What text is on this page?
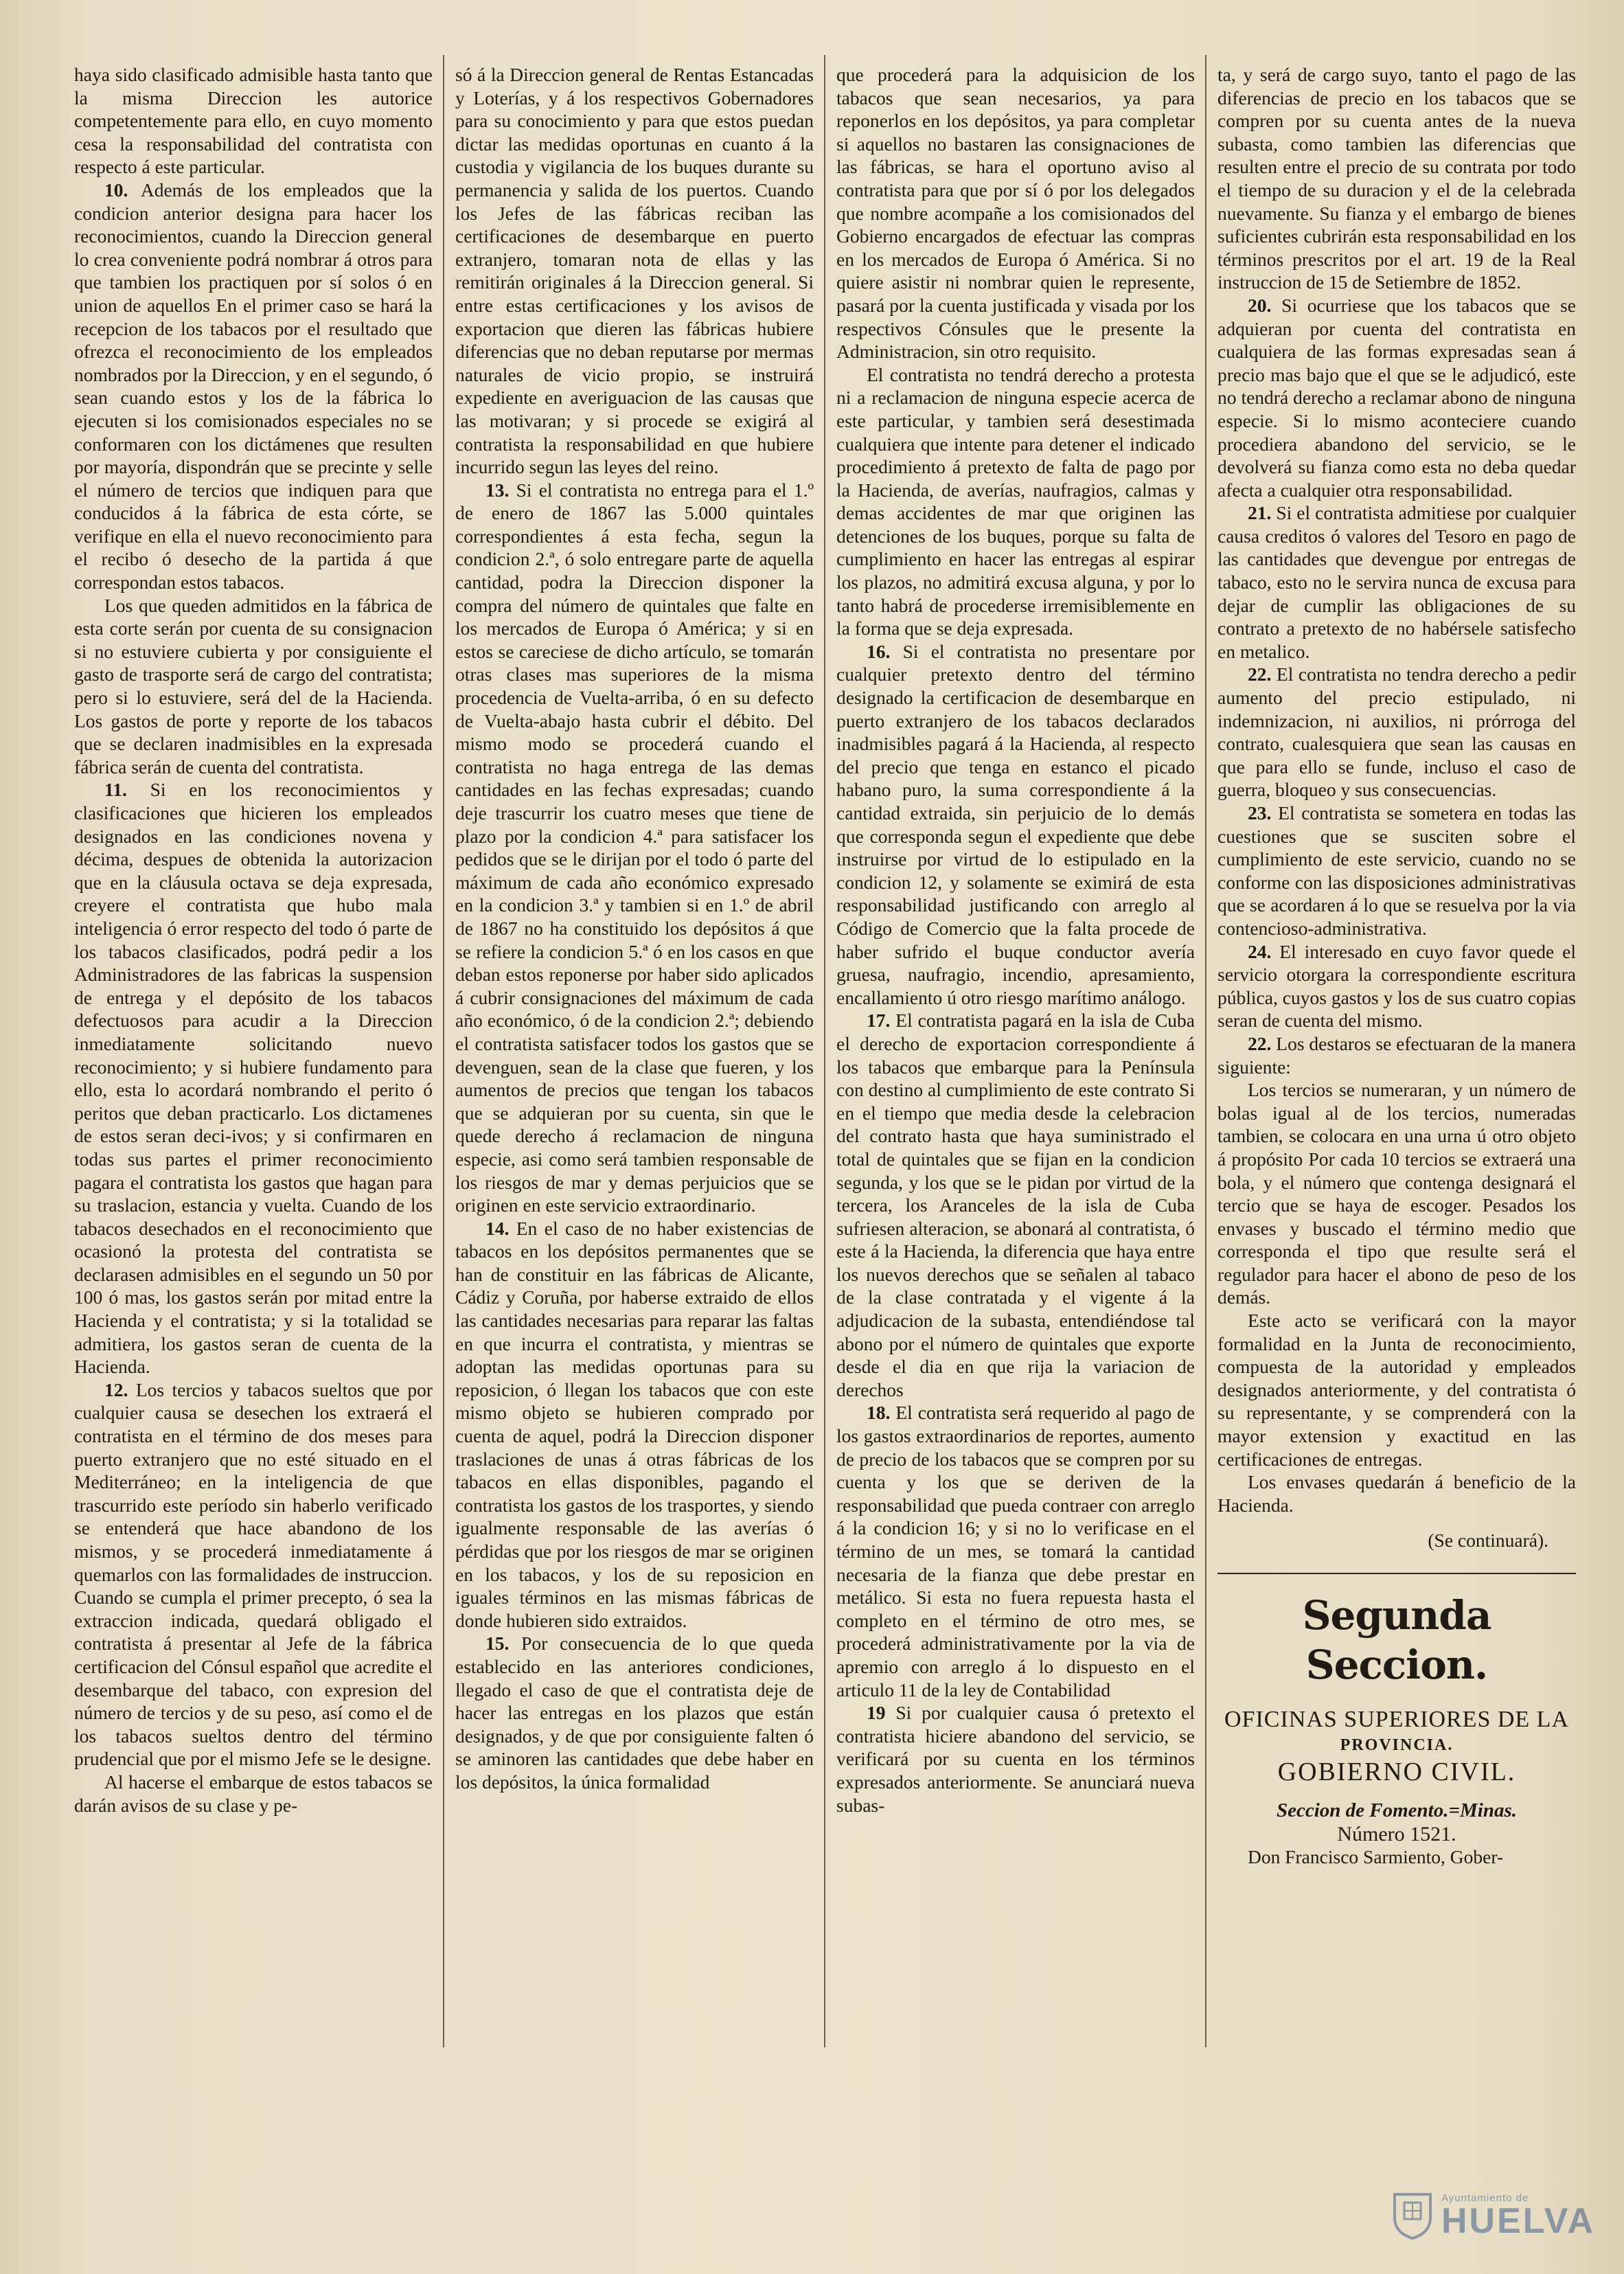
haya sido clasificado admisible hasta tanto que la misma Direccion les autorice competentemente para ello, en cuyo momento cesa la responsabilidad del contratista con respecto á este particular.

10. Además de los empleados que la condicion anterior designa para hacer los reconocimientos, cuando la Direccion general lo crea conveniente podrá nombrar á otros para que tambien los practiquen por sí solos ó en union de aquellos En el primer caso se hará la recepcion de los tabacos por el resultado que ofrezca el reconocimiento de los empleados nombrados por la Direccion, y en el segundo, ó sean cuando estos y los de la fábrica lo ejecuten si los comisionados especiales no se conformaren con los dictámenes que resulten por mayoría, dispondrán que se precinte y selle el número de tercios que indiquen para que conducidos á la fábrica de esta córte, se verifique en ella el nuevo reconocimiento para el recibo ó desecho de la partida á que correspondan estos tabacos.

Los que queden admitidos en la fábrica de esta corte serán por cuenta de su consignacion si no estuviere cubierta y por consiguiente el gasto de trasporte será de cargo del contratista; pero si lo estuviere, será del de la Hacienda. Los gastos de porte y reporte de los tabacos que se declaren inadmisibles en la expresada fábrica serán de cuenta del contratista.

11. Si en los reconocimientos y clasificaciones que hicieren los empleados designados en las condiciones novena y décima, despues de obtenida la autorizacion que en la cláusula octava se deja expresada, creyere el contratista que hubo mala inteligencia ó error respecto del todo ó parte de los tabacos clasificados, podrá pedir a los Administradores de las fabricas la suspension de entrega y el depósito de los tabacos defectuosos para acudir a la Direccion inmediatamente solicitando nuevo reconocimiento; y si hubiere fundamento para ello, esta lo acordará nombrando el perito ó peritos que deban practicarlo. Los dictamenes de estos seran deci-ivos; y si confirmaren en todas sus partes el primer reconocimiento pagara el contratista los gastos que hagan para su traslacion, estancia y vuelta. Cuando de los tabacos desechados en el reconocimiento que ocasionó la protesta del contratista se declarasen admisibles en el segundo un 50 por 100 ó mas, los gastos serán por mitad entre la Hacienda y el contratista; y si la totalidad se admitiera, los gastos seran de cuenta de la Hacienda.

12. Los tercios y tabacos sueltos que por cualquier causa se desechen los extraerá el contratista en el término de dos meses para puerto extranjero que no esté situado en el Mediterráneo; en la inteligencia de que trascurrido este período sin haberlo verificado se entenderá que hace abandono de los mismos, y se procederá inmediatamente á quemarlos con las formalidades de instruccion. Cuando se cumpla el primer precepto, ó sea la extraccion indicada, quedará obligado el contratista á presentar al Jefe de la fábrica certificacion del Cónsul español que acredite el desembarque del tabaco, con expresion del número de tercios y de su peso, así como el de los tabacos sueltos dentro del término prudencial que por el mismo Jefe se le designe.

Al hacerse el embarque de estos tabacos se darán avisos de su clase y pe-

só á la Direccion general de Rentas Estancadas y Loterías, y á los respectivos Gobernadores para su conocimiento y para que estos puedan dictar las medidas oportunas en cuanto á la custodia y vigilancia de los buques durante su permanencia y salida de los puertos. Cuando los Jefes de las fábricas reciban las certificaciones de desembarque en puerto extranjero, tomaran nota de ellas y las remitirán originales á la Direccion general. Si entre estas certificaciones y los avisos de exportacion que dieren las fábricas hubiere diferencias que no deban reputarse por mermas naturales de vicio propio, se instruirá expediente en averiguacion de las causas que las motivaran; y si procede se exigirá al contratista la responsabilidad en que hubiere incurrido segun las leyes del reino.

13. Si el contratista no entrega para el 1.º de enero de 1867 las 5.000 quintales correspondientes á esta fecha, segun la condicion 2.ª, ó solo entregare parte de aquella cantidad, podra la Direccion disponer la compra del número de quintales que falte en los mercados de Europa ó América; y si en estos se careciese de dicho artículo, se tomarán otras clases mas superiores de la misma procedencia de Vuelta-arriba, ó en su defecto de Vuelta-abajo hasta cubrir el débito. Del mismo modo se procederá cuando el contratista no haga entrega de las demas cantidades en las fechas expresadas; cuando deje trascurrir los cuatro meses que tiene de plazo por la condicion 4.ª para satisfacer los pedidos que se le dirijan por el todo ó parte del máximum de cada año económico expresado en la condicion 3.ª y tambien si en 1.º de abril de 1867 no ha constituido los depósitos á que se refiere la condicion 5.ª ó en los casos en que deban estos reponerse por haber sido aplicados á cubrir consignaciones del máximum de cada año económico, ó de la condicion 2.ª; debiendo el contratista satisfacer todos los gastos que se devenguen, sean de la clase que fueren, y los aumentos de precios que tengan los tabacos que se adquieran por su cuenta, sin que le quede derecho á reclamacion de ninguna especie, asi como será tambien responsable de los riesgos de mar y demas perjuicios que se originen en este servicio extraordinario.

14. En el caso de no haber existencias de tabacos en los depósitos permanentes que se han de constituir en las fábricas de Alicante, Cádiz y Coruña, por haberse extraido de ellos las cantidades necesarias para reparar las faltas en que incurra el contratista, y mientras se adoptan las medidas oportunas para su reposicion, ó llegan los tabacos que con este mismo objeto se hubieren comprado por cuenta de aquel, podrá la Direccion disponer traslaciones de unas á otras fábricas de los tabacos en ellas disponibles, pagando el contratista los gastos de los trasportes, y siendo igualmente responsable de las averías ó pérdidas que por los riesgos de mar se originen en los tabacos, y los de su reposicion en iguales términos en las mismas fábricas de donde hubieren sido extraidos.

15. Por consecuencia de lo que queda establecido en las anteriores condiciones, llegado el caso de que el contratista deje de hacer las entregas en los plazos que están designados, y de que por consiguiente falten ó se aminoren las cantidades que debe haber en los depósitos, la única formalidad

que procederá para la adquisicion de los tabacos que sean necesarios, ya para reponerlos en los depósitos, ya para completar si aquellos no bastaren las consignaciones de las fábricas, se hara el oportuno aviso al contratista para que por sí ó por los delegados que nombre acompañe a los comisionados del Gobierno encargados de efectuar las compras en los mercados de Europa ó América. Si no quiere asistir ni nombrar quien le represente, pasará por la cuenta justificada y visada por los respectivos Cónsules que le presente la Administracion, sin otro requisito.

El contratista no tendrá derecho a protesta ni a reclamacion de ninguna especie acerca de este particular, y tambien será desestimada cualquiera que intente para detener el indicado procedimiento á pretexto de falta de pago por la Hacienda, de averías, naufragios, calmas y demas accidentes de mar que originen las detenciones de los buques, porque su falta de cumplimiento en hacer las entregas al espirar los plazos, no admitirá excusa alguna, y por lo tanto habrá de procederse irremisiblemente en la forma que se deja expresada.

16. Si el contratista no presentare por cualquier pretexto dentro del término designado la certificacion de desembarque en puerto extranjero de los tabacos declarados inadmisibles pagará á la Hacienda, al respecto del precio que tenga en estanco el picado habano puro, la suma correspondiente á la cantidad extraida, sin perjuicio de lo demás que corresponda segun el expediente que debe instruirse por virtud de lo estipulado en la condicion 12, y solamente se eximirá de esta responsabilidad justificando con arreglo al Código de Comercio que la falta procede de haber sufrido el buque conductor avería gruesa, naufragio, incendio, apresamiento, encallamiento ú otro riesgo marítimo análogo.

17. El contratista pagará en la isla de Cuba el derecho de exportacion correspondiente á los tabacos que embarque para la Península con destino al cumplimiento de este contrato Si en el tiempo que media desde la celebracion del contrato hasta que haya suministrado el total de quintales que se fijan en la condicion segunda, y los que se le pidan por virtud de la tercera, los Aranceles de la isla de Cuba sufriesen alteracion, se abonará al contratista, ó este á la Hacienda, la diferencia que haya entre los nuevos derechos que se señalen al tabaco de la clase contratada y el vigente á la adjudicacion de la subasta, entendiéndose tal abono por el número de quintales que exporte desde el dia en que rija la variacion de derechos

18. El contratista será requerido al pago de los gastos extraordinarios de reportes, aumento de precio de los tabacos que se compren por su cuenta y los que se deriven de la responsabilidad que pueda contraer con arreglo á la condicion 16; y si no lo verificase en el término de un mes, se tomará la cantidad necesaria de la fianza que debe prestar en metálico. Si esta no fuera repuesta hasta el completo en el término de otro mes, se procederá administrativamente por la via de apremio con arreglo á lo dispuesto en el articulo 11 de la ley de Contabilidad

19 Si por cualquier causa ó pretexto el contratista hiciere abandono del servicio, se verificará por su cuenta en los términos expresados anteriormente. Se anunciará nueva subas-

ta, y será de cargo suyo, tanto el pago de las diferencias de precio en los tabacos que se compren por su cuenta antes de la nueva subasta, como tambien las diferencias que resulten entre el precio de su contrata por todo el tiempo de su duracion y el de la celebrada nuevamente. Su fianza y el embargo de bienes suficientes cubrirán esta responsabilidad en los términos prescritos por el art. 19 de la Real instruccion de 15 de Setiembre de 1852.

20. Si ocurriese que los tabacos que se adquieran por cuenta del contratista en cualquiera de las formas expresadas sean á precio mas bajo que el que se le adjudicó, este no tendrá derecho a reclamar abono de ninguna especie. Si lo mismo aconteciere cuando procediera abandono del servicio, se le devolverá su fianza como esta no deba quedar afecta a cualquier otra responsabilidad.

21. Si el contratista admitiese por cualquier causa creditos ó valores del Tesoro en pago de las cantidades que devengue por entregas de tabaco, esto no le servira nunca de excusa para dejar de cumplir las obligaciones de su contrato a pretexto de no habérsele satisfecho en metalico.

22. El contratista no tendra derecho a pedir aumento del precio estipulado, ni indemnizacion, ni auxilios, ni prórroga del contrato, cualesquiera que sean las causas en que para ello se funde, incluso el caso de guerra, bloqueo y sus consecuencias.

23. El contratista se sometera en todas las cuestiones que se susciten sobre el cumplimiento de este servicio, cuando no se conforme con las disposiciones administrativas que se acordaren á lo que se resuelva por la via contencioso-administrativa.

24. El interesado en cuyo favor quede el servicio otorgara la correspondiente escritura pública, cuyos gastos y los de sus cuatro copias seran de cuenta del mismo.

22. Los destaros se efectuaran de la manera siguiente:

Los tercios se numeraran, y un número de bolas igual al de los tercios, numeradas tambien, se colocara en una urna ú otro objeto á propósito Por cada 10 tercios se extraerá una bola, y el número que contenga designará el tercio que se haya de escoger. Pesados los envases y buscado el término medio que corresponda el tipo que resulte será el regulador para hacer el abono de peso de los demás.

Este acto se verificará con la mayor formalidad en la Junta de reconocimiento, compuesta de la autoridad y empleados designados anteriormente, y del contratista ó su representante, y se comprenderá con la mayor extension y exactitud en las certificaciones de entregas.

Los envases quedarán á beneficio de la Hacienda.

(Se continuará).

Segunda Seccion.

OFICINAS SUPERIORES DE LA

PROVINCIA.

GOBIERNO CIVIL.

Seccion de Fomento.=Minas.

Número 1521.

Don Francisco Sarmiento, Gober-

Ayuntamiento de
HUELVA
